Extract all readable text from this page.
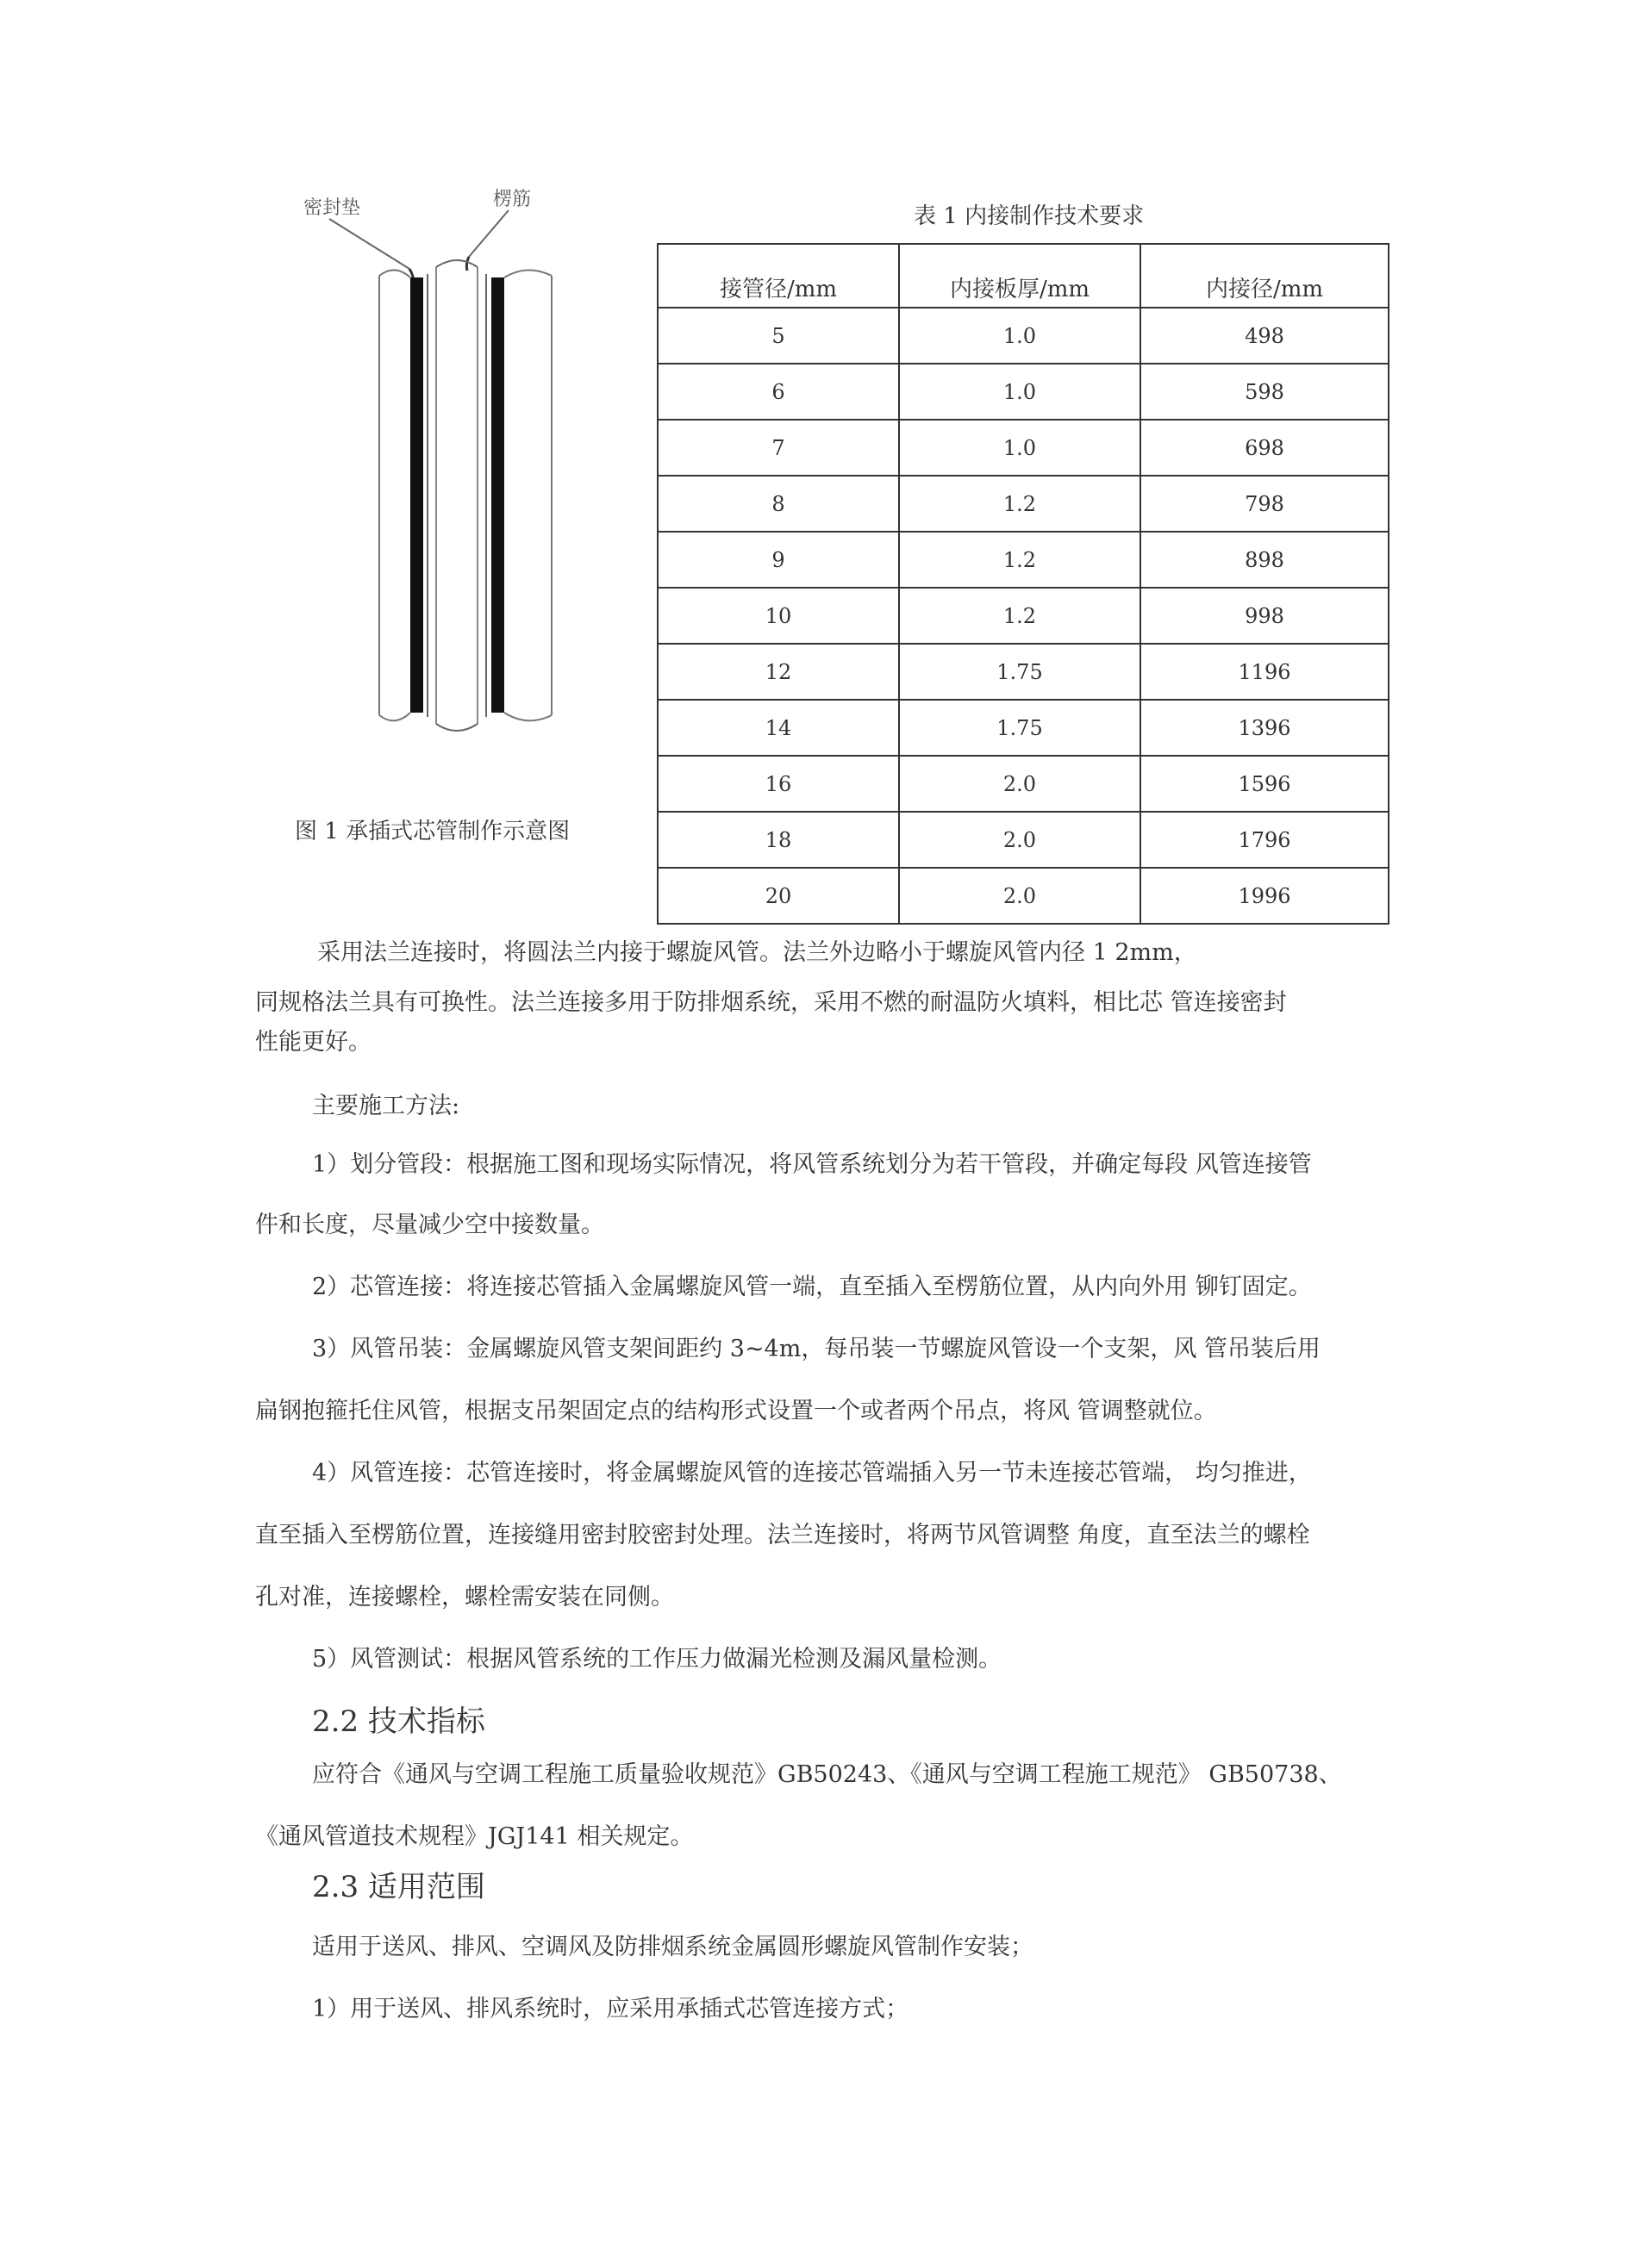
密封垫	楞筋
图 1 承插式芯管制作示意图
表 1 内接制作技术要求
接管径/mm	内接板厚/mm	内接径/mm
5	1.0	498
6	1.0	598
7	1.0	698
8	1.2	798
9	1.2	898
10	1.2	998
12	1.75	1196
14	1.75	1396
16	2.0	1596
18	2.0	1796
20	2.0	1996
采用法兰连接时，将圆法兰内接于螺旋风管。法兰外边略小于螺旋风管内径 1 2mm，
同规格法兰具有可换性。法兰连接多用于防排烟系统，采用不燃的耐温防火填料，相比芯 管连接密封
性能更好。
主要施工方法:
1）划分管段：根据施工图和现场实际情况，将风管系统划分为若干管段，并确定每段 风管连接管
件和长度，尽量减少空中接数量。
2）芯管连接：将连接芯管插入金属螺旋风管一端，直至插入至楞筋位置，从内向外用 铆钉固定。
3）风管吊装：金属螺旋风管支架间距约 3~4m，每吊装一节螺旋风管设一个支架，风 管吊装后用
扁钢抱箍托住风管，根据支吊架固定点的结构形式设置一个或者两个吊点，将风 管调整就位。
4）风管连接：芯管连接时，将金属螺旋风管的连接芯管端插入另一节未连接芯管端， 均匀推进，
直至插入至楞筋位置，连接缝用密封胶密封处理。法兰连接时，将两节风管调整 角度，直至法兰的螺栓
孔对准，连接螺栓，螺栓需安装在同侧。
5）风管测试：根据风管系统的工作压力做漏光检测及漏风量检测。
2.2 技术指标
应符合《通风与空调工程施工质量验收规范》GB50243、《通风与空调工程施工规范》 GB50738、
《通风管道技术规程》JGJ141 相关规定。
2.3 适用范围
适用于送风、排风、空调风及防排烟系统金属圆形螺旋风管制作安装；
1）用于送风、排风系统时，应采用承插式芯管连接方式；
